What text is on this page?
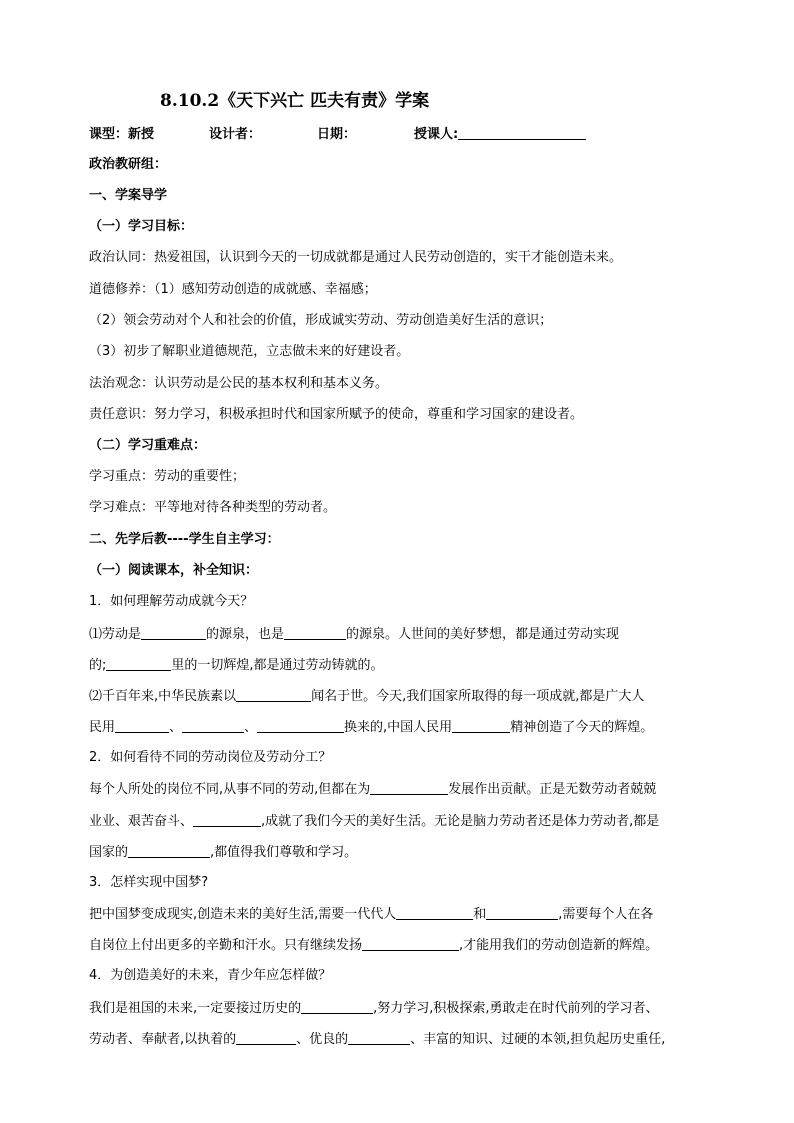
8.10.2《天下兴亡 匹夫有责》学案
课型：新授	设计者：	日期：	授课人:
政治教研组：
一、学案导学
（一）学习目标：
政治认同：热爱祖国，认识到今天的一切成就都是通过人民劳动创造的，实干才能创造未来。
道德修养：（1）感知劳动创造的成就感、幸福感；
（2）领会劳动对个人和社会的价值，形成诚实劳动、劳动创造美好生活的意识；
（3）初步了解职业道德规范，立志做未来的好建设者。
法治观念：认识劳动是公民的基本权利和基本义务。
责任意识：努力学习，积极承担时代和国家所赋予的使命，尊重和学习国家的建设者。
（二）学习重难点：
学习重点：劳动的重要性；
学习难点：平等地对待各种类型的劳动者。
二、先学后教----学生自主学习：
（一）阅读课本，补全知识：
1．如何理解劳动成就今天？
⑴劳动是	的源泉，也是	的源泉。人世间的美好梦想，都是通过劳动实现
的;	里的一切辉煌,都是通过劳动铸就的。
⑵千百年来,中华民族素以	闻名于世。今天,我们国家所取得的每一项成就,都是广大人
民用	、	、	换来的,中国人民用	精神创造了今天的辉煌。
2．如何看待不同的劳动岗位及劳动分工？
每个人所处的岗位不同,从事不同的劳动,但都在为	发展作出贡献。正是无数劳动者兢兢
业业、艰苦奋斗、	,成就了我们今天的美好生活。无论是脑力劳动者还是体力劳动者,都是
国家的	,都值得我们尊敬和学习。
3．怎样实现中国梦?
把中国梦变成现实,创造未来的美好生活,需要一代代人	和	,需要每个人在各
自岗位上付出更多的辛勤和汗水。只有继续发扬	,才能用我们的劳动创造新的辉煌。
4．为创造美好的未来，青少年应怎样做？
我们是祖国的未来,一定要接过历史的	,努力学习,积极探索,勇敢走在时代前列的学习者、
劳动者、奉献者,以执着的	、优良的	、丰富的知识、过硬的本领,担负起历史重任,
